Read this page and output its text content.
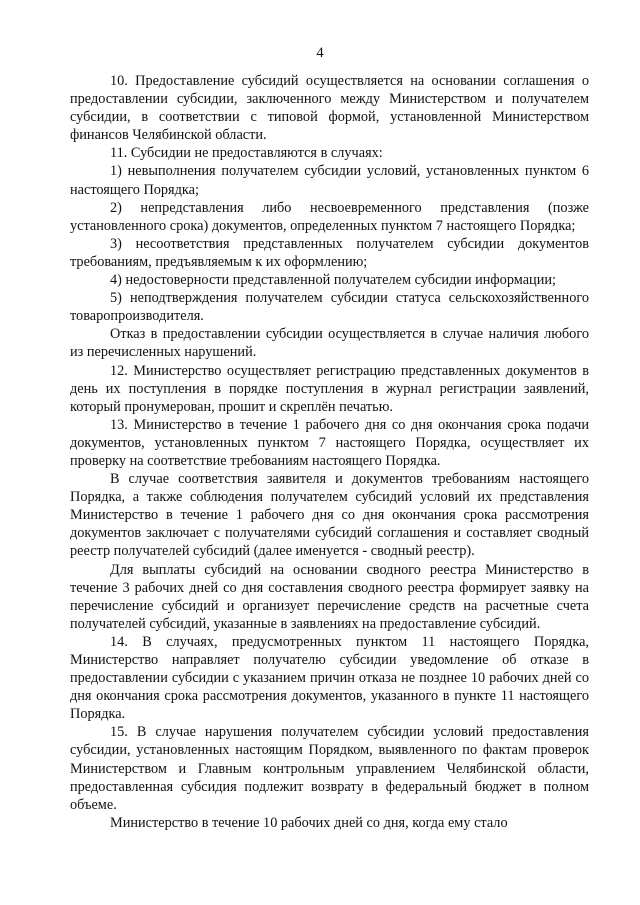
4

10. Предоставление субсидий осуществляется на основании соглашения о предоставлении субсидии, заключенного между Министерством и получателем субсидии, в соответствии с типовой формой, установленной Министерством финансов Челябинской области.

11. Субсидии не предоставляются в случаях:

1) невыполнения получателем субсидии условий, установленных пунктом 6 настоящего Порядка;

2) непредставления либо несвоевременного представления (позже установленного срока) документов, определенных пунктом 7 настоящего Порядка;

3) несоответствия представленных получателем субсидии документов требованиям, предъявляемым к их оформлению;

4) недостоверности представленной получателем субсидии информации;

5) неподтверждения получателем субсидии статуса сельскохозяйственного товаропроизводителя.

Отказ в предоставлении субсидии осуществляется в случае наличия любого из перечисленных нарушений.

12. Министерство осуществляет регистрацию представленных документов в день их поступления в порядке поступления в журнал регистрации заявлений, который пронумерован, прошит и скреплён печатью.

13. Министерство в течение 1 рабочего дня со дня окончания срока подачи документов, установленных пунктом 7 настоящего Порядка, осуществляет их проверку на соответствие требованиям настоящего Порядка.

В случае соответствия заявителя и документов требованиям настоящего Порядка, а также соблюдения получателем субсидий условий их представления Министерство в течение 1 рабочего дня со дня окончания срока рассмотрения документов заключает с получателями субсидий соглашения и составляет сводный реестр получателей субсидий (далее именуется - сводный реестр).

Для выплаты субсидий на основании сводного реестра Министерство в течение 3 рабочих дней со дня составления сводного реестра формирует заявку на перечисление субсидий и организует перечисление средств на расчетные счета получателей субсидий, указанные в заявлениях на предоставление субсидий.

14. В случаях, предусмотренных пунктом 11 настоящего Порядка, Министерство направляет получателю субсидии уведомление об отказе в предоставлении субсидии с указанием причин отказа не позднее 10 рабочих дней со дня окончания срока рассмотрения документов, указанного в пункте 11 настоящего Порядка.

15. В случае нарушения получателем субсидии условий предоставления субсидии, установленных настоящим Порядком, выявленного по фактам проверок Министерством и Главным контрольным управлением Челябинской области, предоставленная субсидия подлежит возврату в федеральный бюджет в полном объеме.

Министерство в течение 10 рабочих дней со дня, когда ему стало
